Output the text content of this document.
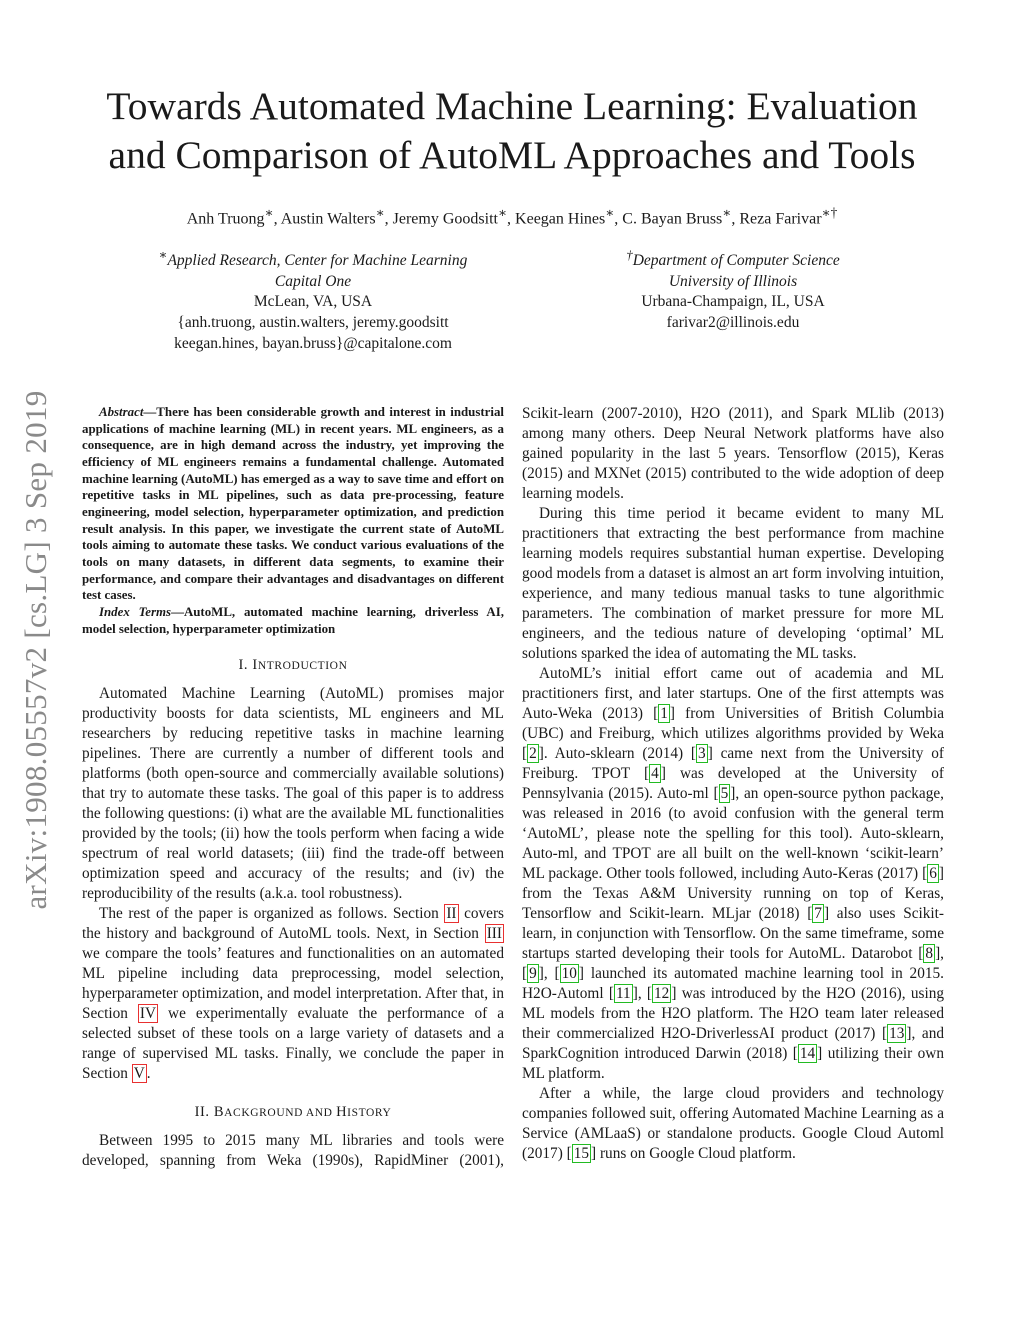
arXiv:1908.05557v2 [cs.LG] 3 Sep 2019
Towards Automated Machine Learning: Evaluation
and Comparison of AutoML Approaches and Tools
Anh Truong∗, Austin Walters∗, Jeremy Goodsitt∗, Keegan Hines∗, C. Bayan Bruss∗, Reza Farivar∗†
∗Applied Research, Center for Machine Learning
Capital One
McLean, VA, USA
{anh.truong, austin.walters, jeremy.goodsitt
keegan.hines, bayan.bruss}@capitalone.com
†Department of Computer Science
University of Illinois
Urbana-Champaign, IL, USA
farivar2@illinois.edu

Abstract—There has been considerable growth and interest in industrial applications of machine learning (ML) in recent years. ML engineers, as a consequence, are in high demand across the industry, yet improving the efficiency of ML engineers remains a fundamental challenge. Automated machine learning (AutoML) has emerged as a way to save time and effort on repetitive tasks in ML pipelines, such as data pre-processing, feature engineering, model selection, hyperparameter optimization, and prediction result analysis. In this paper, we investigate the current state of AutoML tools aiming to automate these tasks. We conduct various evaluations of the tools on many datasets, in different data segments, to examine their performance, and compare their advantages and disadvantages on different test cases.

Index Terms—AutoML, automated machine learning, driverless AI, model selection, hyperparameter optimization

I. INTRODUCTION

Automated Machine Learning (AutoML) promises major productivity boosts for data scientists, ML engineers and ML researchers by reducing repetitive tasks in machine learning pipelines. There are currently a number of different tools and platforms (both open-source and commercially available solutions) that try to automate these tasks. The goal of this paper is to address the following questions: (i) what are the available ML functionalities provided by the tools; (ii) how the tools perform when facing a wide spectrum of real world datasets; (iii) find the trade-off between optimization speed and accuracy of the results; and (iv) the reproducibility of the results (a.k.a. tool robustness).

The rest of the paper is organized as follows. Section II covers the history and background of AutoML tools. Next, in Section III we compare the tools’ features and functionalities on an automated ML pipeline including data preprocessing, model selection, hyperparameter optimization, and model interpretation. After that, in Section IV we experimentally evaluate the performance of a selected subset of these tools on a large variety of datasets and a range of supervised ML tasks. Finally, we conclude the paper in Section V .

II. BACKGROUND AND HISTORY

Between 1995 to 2015 many ML libraries and tools were developed, spanning from Weka (1990s), RapidMiner (2001),

Scikit-learn (2007-2010), H2O (2011), and Spark MLlib (2013) among many others. Deep Neural Network platforms have also gained popularity in the last 5 years. Tensorflow (2015), Keras (2015) and MXNet (2015) contributed to the wide adoption of deep learning models.

During this time period it became evident to many ML practitioners that extracting the best performance from machine learning models requires substantial human expertise. Developing good models from a dataset is almost an art form involving intuition, experience, and many tedious manual tasks to tune algorithmic parameters. The combination of market pressure for more ML engineers, and the tedious nature of developing ‘optimal’ ML solutions sparked the idea of automating the ML tasks.

AutoML’s initial effort came out of academia and ML practitioners first, and later startups. One of the first attempts was Auto-Weka (2013) [ 1 ] from Universities of British Columbia (UBC) and Freiburg, which utilizes algorithms provided by Weka [ 2 ]. Auto-sklearn (2014) [ 3 ] came next from the University of Freiburg. TPOT [ 4 ] was developed at the University of Pennsylvania (2015). Auto-ml [ 5 ], an open-source python package, was released in 2016 (to avoid confusion with the general term ‘AutoML’, please note the spelling for this tool). Auto-sklearn, Auto-ml, and TPOT are all built on the well-known ‘scikit-learn’ ML package. Other tools followed, including Auto-Keras (2017) [ 6 ] from the Texas A&M University running on top of Keras, Tensorflow and Scikit-learn. MLjar (2018) [ 7 ] also uses Scikit-learn, in conjunction with Tensorflow. On the same timeframe, some startups started developing their tools for AutoML. Datarobot [ 8 ], [ 9 ], [ 10 ] launched its automated machine learning tool in 2015. H2O-Automl [ 11 ], [ 12 ] was introduced by the H2O (2016), using ML models from the H2O platform. The H2O team later released their commercialized H2O-DriverlessAI product (2017) [ 13 ], and SparkCognition introduced Darwin (2018) [ 14 ] utilizing their own ML platform.

After a while, the large cloud providers and technology companies followed suit, offering Automated Machine Learning as a Service (AMLaaS) or standalone products. Google Cloud Automl (2017) [ 15 ] runs on Google Cloud platform.
